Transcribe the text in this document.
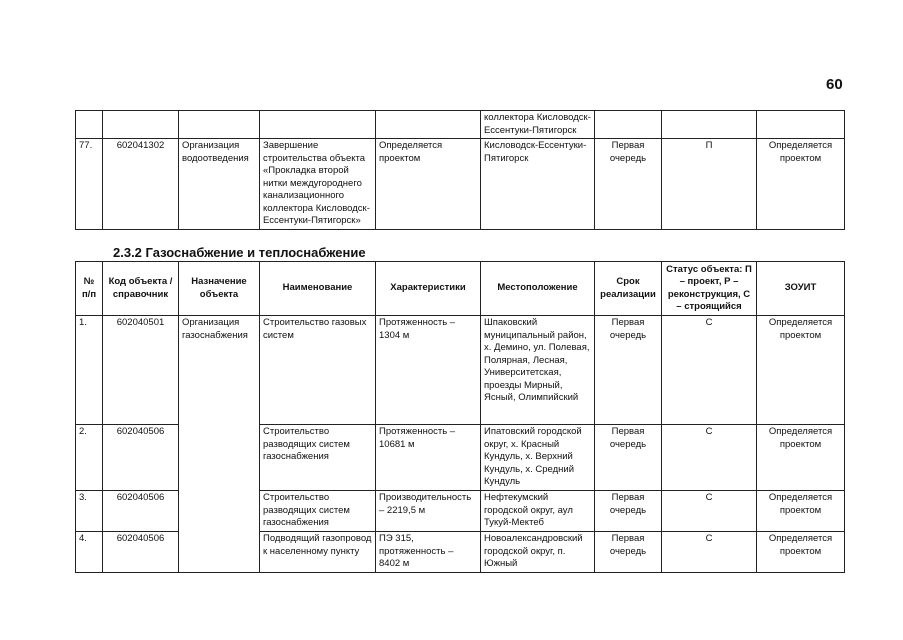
60
					коллектора Кисловодск-Ессентуки-Пятигорск			
77.	602041302	Организация водоотведения	Завершение строительства объекта «Прокладка второй нитки междугороднего канализационного коллектора Кисловодск-Ессентуки-Пятигорск»	Определяется проектом	Кисловодск-Ессентуки-Пятигорск	Первая очередь	П	Определяется проектом
2.3.2 Газоснабжение и теплоснабжение
№ п/п	Код объекта / справочник	Назначение объекта	Наименование	Характеристики	Местоположение	Срок реализации	Статус объекта: П – проект, Р – реконструкция, С – строящийся	ЗОУИТ
1.	602040501	Организация газоснабжения	Строительство газовых систем	Протяженность – 1304 м	Шпаковский муниципальный район, х. Демино, ул. Полевая, Полярная, Лесная, Университетская, проезды Мирный, Ясный, Олимпийский	Первая очередь	С	Определяется проектом
2.	602040506		Строительство разводящих систем газоснабжения	Протяженность – 10681 м	Ипатовский городской округ, х. Красный Кундуль, х. Верхний Кундуль, х. Средний Кундуль	Первая очередь	С	Определяется проектом
3.	602040506		Строительство разводящих систем газоснабжения	Производительность – 2219,5 м	Нефтекумский городской округ, аул Тукуй-Мектеб	Первая очередь	С	Определяется проектом
4.	602040506		Подводящий газопровод к населенному пункту	ПЭ 315, протяженность – 8402 м	Новоалександровский городской округ, п. Южный	Первая очередь	С	Определяется проектом
